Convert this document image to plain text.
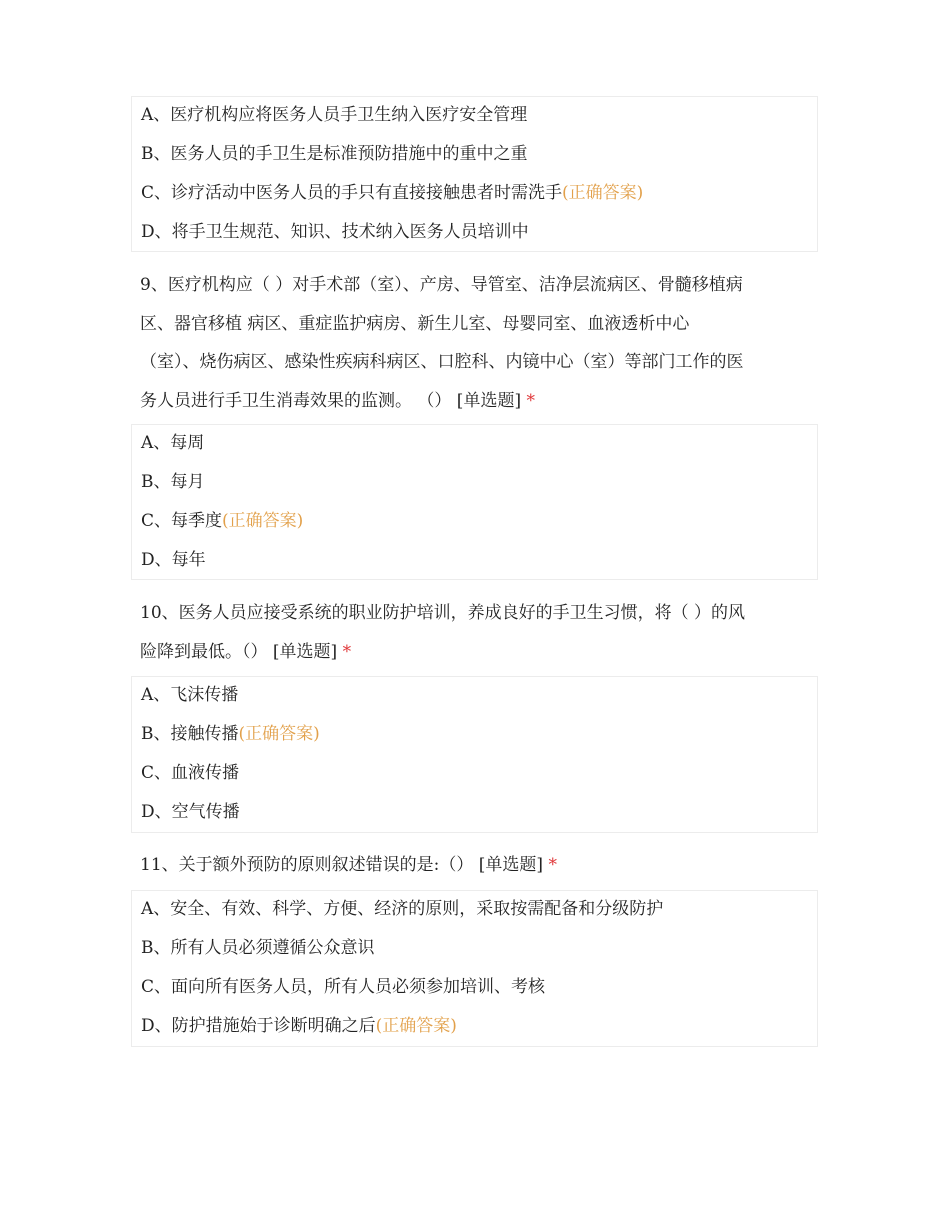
A、医疗机构应将医务人员手卫生纳入医疗安全管理
B、医务人员的手卫生是标准预防措施中的重中之重
C、诊疗活动中医务人员的手只有直接接触患者时需洗手(正确答案)
D、将手卫生规范、知识、技术纳入医务人员培训中
9、医疗机构应（ ）对手术部（室）、产房、导管室、洁净层流病区、骨髓移植病
区、器官移植 病区、重症监护病房、新生儿室、母婴同室、血液透析中心
（室）、烧伤病区、感染性疾病科病区、口腔科、内镜中心（室）等部门工作的医
务人员进行手卫生消毒效果的监测。 （） [单选题] *
A、每周
B、每月
C、每季度(正确答案)
D、每年
10、医务人员应接受系统的职业防护培训，养成良好的手卫生习惯，将（ ）的风
险降到最低。（） [单选题] *
A、飞沫传播
B、接触传播(正确答案)
C、血液传播
D、空气传播
11、关于额外预防的原则叙述错误的是:（） [单选题] *
A、安全、有效、科学、方便、经济的原则，采取按需配备和分级防护
B、所有人员必须遵循公众意识
C、面向所有医务人员，所有人员必须参加培训、考核
D、防护措施始于诊断明确之后(正确答案)
